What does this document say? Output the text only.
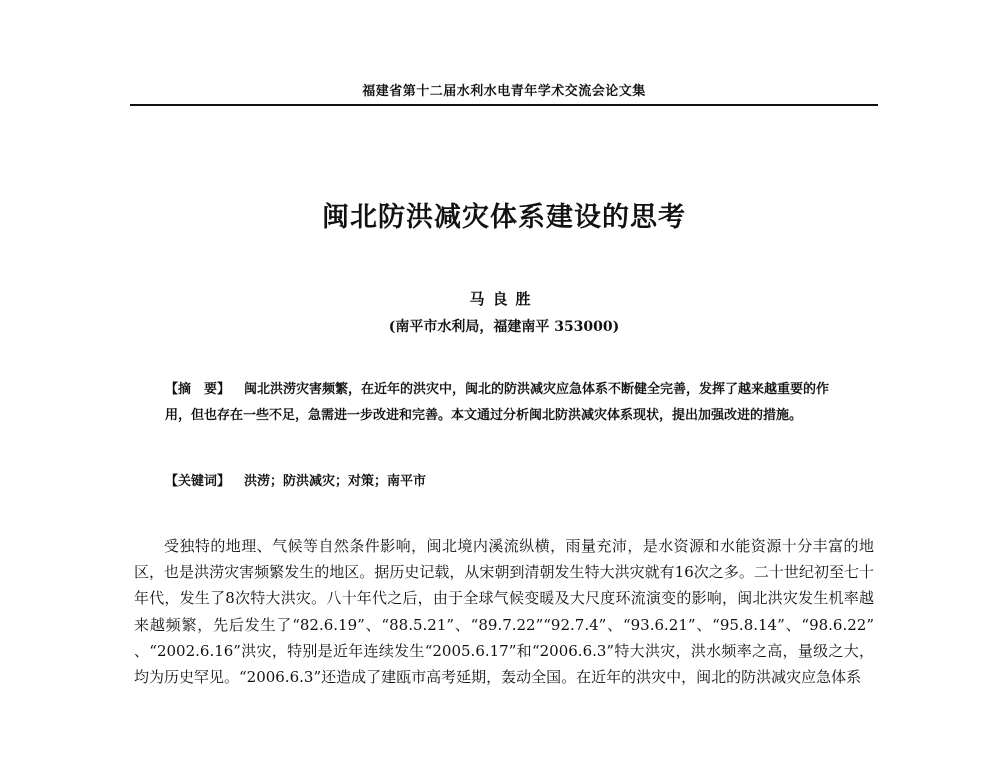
福建省第十二届水利水电青年学术交流会论文集
闽北防洪减灾体系建设的思考
马良胜
(南平市水利局，福建南平 353000)
【摘　要】 闽北洪涝灾害频繁，在近年的洪灾中，闽北的防洪减灾应急体系不断健全完善，发挥了越来越重要的作用，但也存在一些不足，急需进一步改进和完善。本文通过分析闽北防洪减灾体系现状，提出加强改进的措施。
【关键词】 洪涝；防洪减灾；对策；南平市
受独特的地理、气候等自然条件影响，闽北境内溪流纵横，雨量充沛，是水资源和水能资源十分丰富的地区，也是洪涝灾害频繁发生的地区。据历史记载，从宋朝到清朝发生特大洪灾就有16次之多。二十世纪初至七十年代，发生了8次特大洪灾。八十年代之后，由于全球气候变暖及大尺度环流演变的影响，闽北洪灾发生机率越来越频繁，先后发生了“82.6.19”、“88.5.21”、“89.7.22”“92.7.4”、“93.6.21”、“95.8.14”、“98.6.22” 、“2002.6.16”洪灾，特别是近年连续发生“2005.6.17”和“2006.6.3”特大洪灾，洪水频率之高，量级之大，均为历史罕见。“2006.6.3”还造成了建瓯市高考延期，轰动全国。在近年的洪灾中，闽北的防洪减灾应急体系
